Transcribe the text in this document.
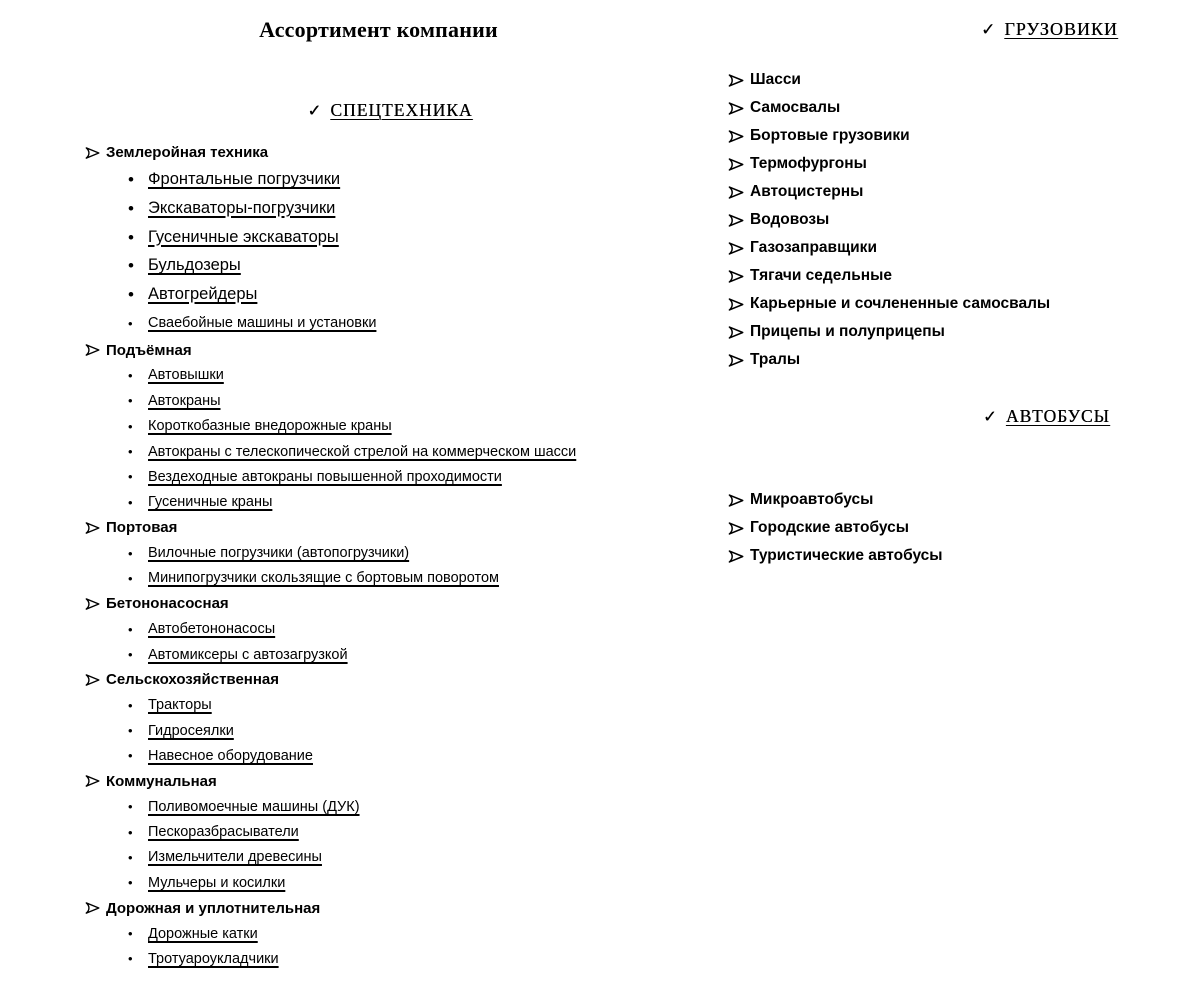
Ассортимент компании	✓ ГРУЗОВИКИ
✓ СПЕЦТЕХНИКА
✓ АВТОБУСЫ
Землеройная техника
• Фронтальные погрузчики
• Экскаваторы-погрузчики
• Гусеничные экскаваторы
• Бульдозеры
• Автогрейдеры
•	Сваебойные машины и установки
Подъёмная
•	Автовышки
•	Автокраны
•	Короткобазные внедорожные краны
•	Автокраны с телескопической стрелой на коммерческом шасси
•	Вездеходные автокраны повышенной проходимости
•	Гусеничные краны
Портовая
•	Вилочные погрузчики (автопогрузчики)
•	Минипогрузчики скользящие с бортовым поворотом
Бетононасосная
•	Автобетононасосы
•	Автомиксеры с автозагрузкой
Сельскохозяйственная
•	Тракторы
•	Гидросеялки
•	Навесное оборудование
Коммунальная
•	Поливомоечные машины (ДУК)
•	Пескоразбрасыватели
•	Измельчители древесины
•	Мульчеры и косилки
Дорожная и уплотнительная
•	Дорожные катки
•	Тротуароукладчики
Шасси
Самосвалы
Бортовые грузовики
Термофургоны
Автоцистерны
Водовозы
Газозаправщики
Тягачи седельные
Карьерные и сочлененные самосвалы
Прицепы и полуприцепы
Тралы
Микроавтобусы
Городские автобусы
Туристические автобусы
